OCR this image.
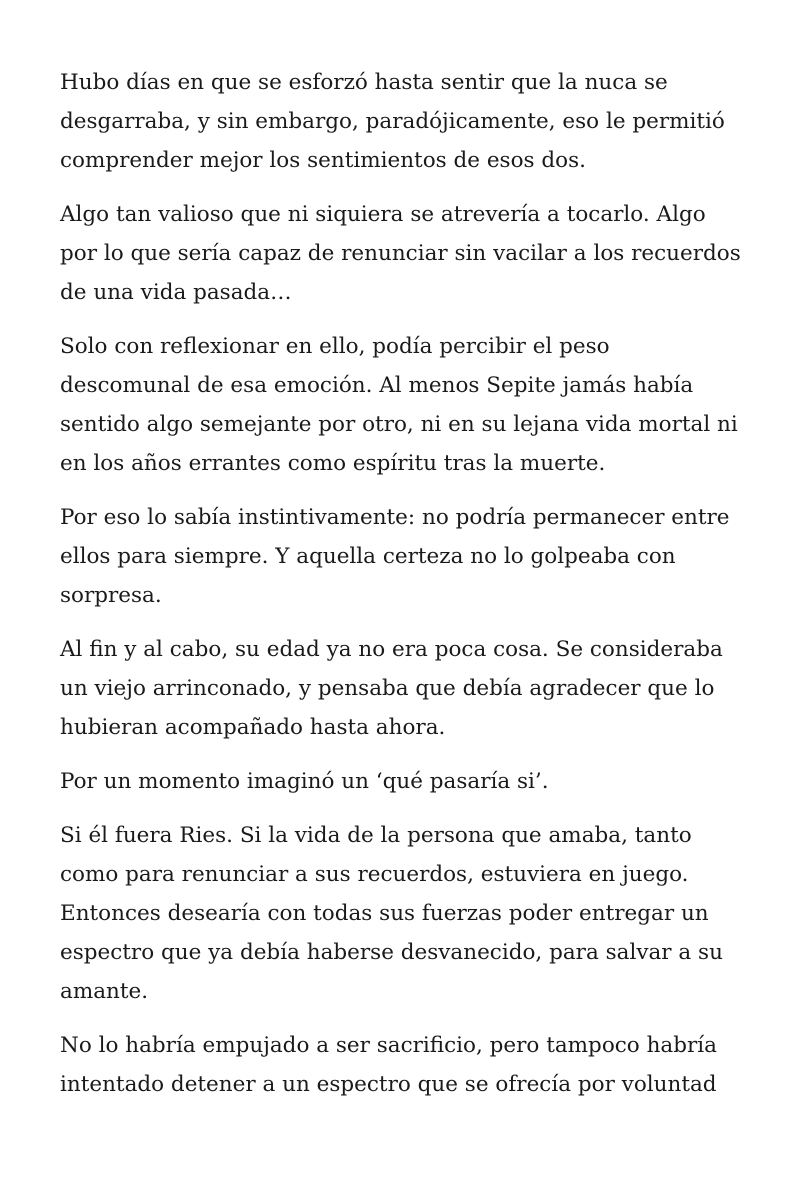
Hubo días en que se esforzó hasta sentir que la nuca se desgarraba, y sin embargo, paradójicamente, eso le permitió comprender mejor los sentimientos de esos dos.

Algo tan valioso que ni siquiera se atrevería a tocarlo. Algo por lo que sería capaz de renunciar sin vacilar a los recuerdos de una vida pasada…

Solo con reflexionar en ello, podía percibir el peso descomunal de esa emoción. Al menos Sepite jamás había sentido algo semejante por otro, ni en su lejana vida mortal ni en los años errantes como espíritu tras la muerte.

Por eso lo sabía instintivamente: no podría permanecer entre ellos para siempre. Y aquella certeza no lo golpeaba con sorpresa.

Al fin y al cabo, su edad ya no era poca cosa. Se consideraba un viejo arrinconado, y pensaba que debía agradecer que lo hubieran acompañado hasta ahora.

Por un momento imaginó un ‘qué pasaría si’.

Si él fuera Ries. Si la vida de la persona que amaba, tanto como para renunciar a sus recuerdos, estuviera en juego. Entonces desearía con todas sus fuerzas poder entregar un espectro que ya debía haberse desvanecido, para salvar a su amante.

No lo habría empujado a ser sacrificio, pero tampoco habría intentado detener a un espectro que se ofrecía por voluntad
